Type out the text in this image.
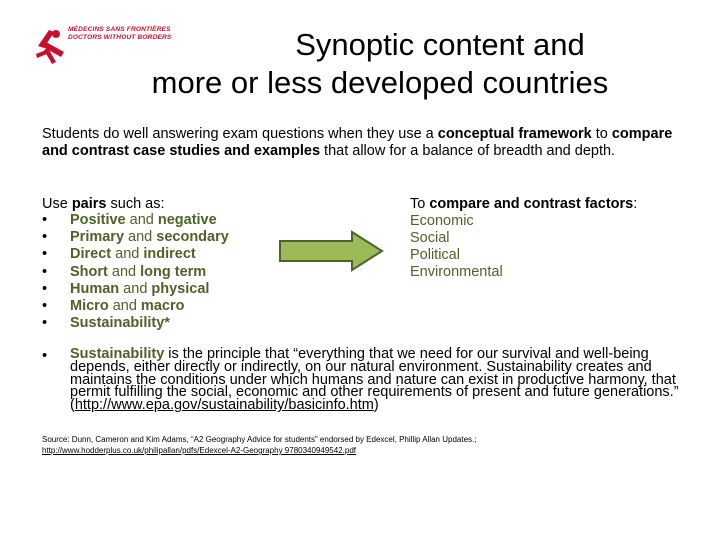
MÉDECINS SANS FRONTIÈRES
DOCTORS WITHOUT BORDERS	Synoptic content and
more or less developed countries
Students do well answering exam questions when they use a conceptual framework to compare and contrast case studies and examples that allow for a balance of breadth and depth.
Use pairs such as:
• Positive and negative
• Primary and secondary
• Direct and indirect
• Short and long term
• Human and physical
• Micro and macro
• Sustainability*
To compare and contrast factors:
Economic
Social
Political
Environmental
•	Sustainability is the principle that “everything that we need for our survival and well-being depends, either directly or indirectly, on our natural environment. Sustainability creates and maintains the conditions under which humans and nature can exist in productive harmony, that permit fulfilling the social, economic and other requirements of present and future generations.” (http://www.epa.gov/sustainability/basicinfo.htm)
Source: Dunn, Cameron and Kim Adams, “A2 Geography Advice for students” endorsed by Edexcel, Phillip Allan Updates.;
http://www.hodderplus.co.uk/philipallan/pdfs/Edexcel-A2-Geography 9780340949542.pdf
